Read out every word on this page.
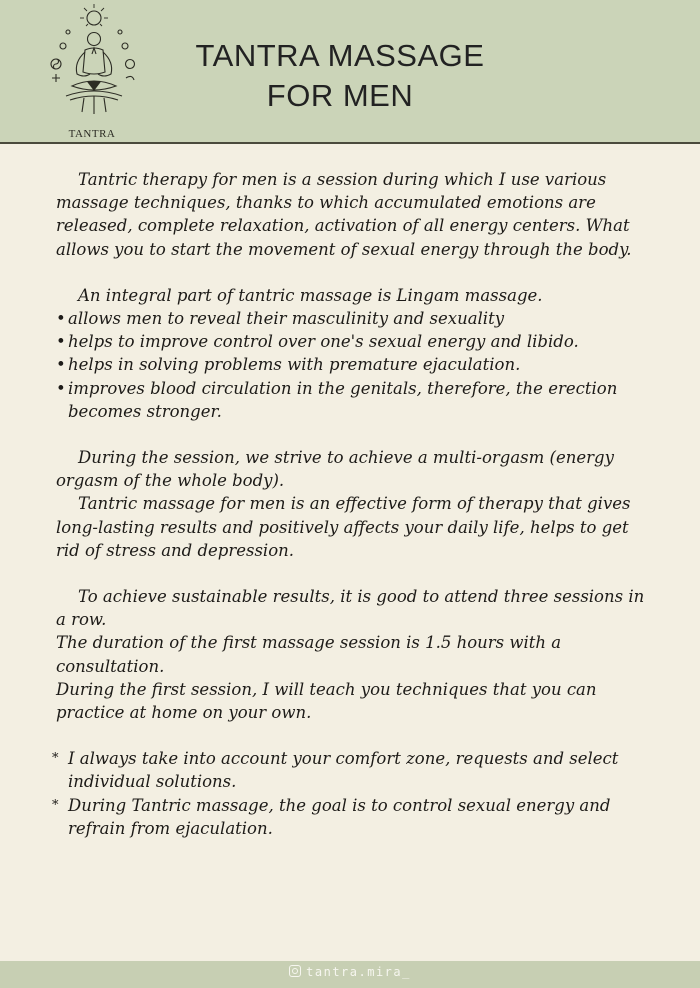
TANTRA
TANTRA MASSAGE
FOR MEN

Tantric therapy for men is a session during which I use various massage techniques, thanks to which accumulated emotions are released, complete relaxation, activation of all energy centers. What allows you to start the movement of sexual energy through the body.

An integral part of tantric massage is Lingam massage.

• allows men to reveal their masculinity and sexuality
• helps to improve control over one's sexual energy and libido.
• helps in solving problems with premature ejaculation.
• improves blood circulation in the genitals, therefore, the erection becomes stronger.

During the session, we strive to achieve a multi-orgasm (energy orgasm of the whole body).

Tantric massage for men is an effective form of therapy that gives long-lasting results and positively affects your daily life, helps to get rid of stress and depression.

To achieve sustainable results, it is good to attend three sessions in a row.

The duration of the first massage session is 1.5 hours with a consultation.

During the first session, I will teach you techniques that you can practice at home on your own.

* I always take into account your comfort zone, requests and select individual solutions.
* During Tantric massage, the goal is to control sexual energy and refrain from ejaculation.
tantra.mira_
